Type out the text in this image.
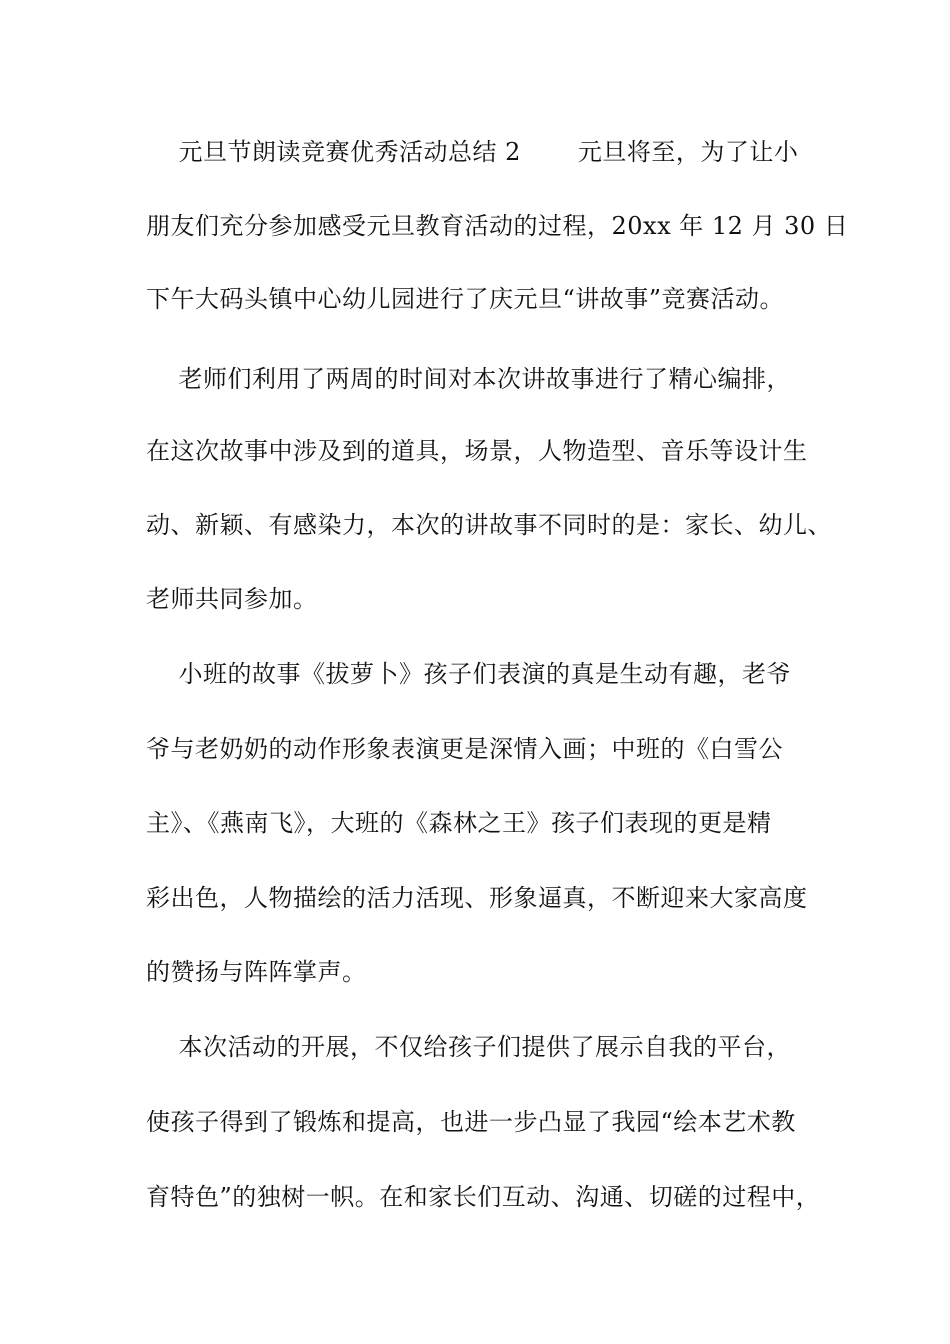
元旦节朗读竞赛优秀活动总结 2       元旦将至，为了让小
朋友们充分参加感受元旦教育活动的过程，20xx 年 12 月 30 日
下午大码头镇中心幼儿园进行了庆元旦“讲故事”竞赛活动。
老师们利用了两周的时间对本次讲故事进行了精心编排，
在这次故事中涉及到的道具，场景，人物造型、音乐等设计生
动、新颖、有感染力，本次的讲故事不同时的是：家长、幼儿、
老师共同参加。
小班的故事《拔萝卜》孩子们表演的真是生动有趣，老爷
爷与老奶奶的动作形象表演更是深情入画；中班的《白雪公
主》、《燕南飞》，大班的《森林之王》孩子们表现的更是精
彩出色，人物描绘的活力活现、形象逼真，不断迎来大家高度
的赞扬与阵阵掌声。
本次活动的开展，不仅给孩子们提供了展示自我的平台，
使孩子得到了锻炼和提高，也进一步凸显了我园“绘本艺术教
育特色”的独树一帜。在和家长们互动、沟通、切磋的过程中，
